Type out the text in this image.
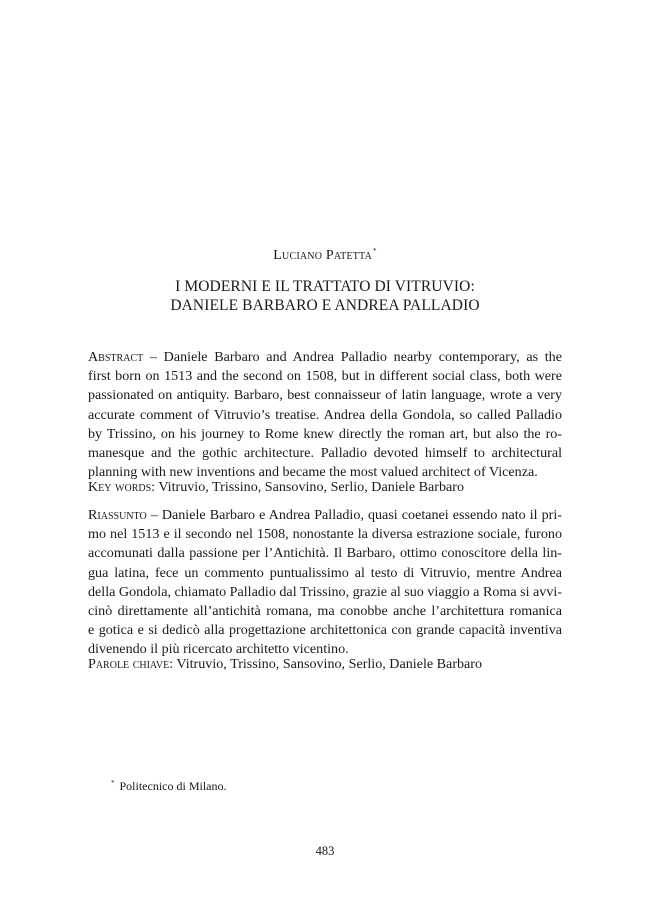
Luciano Patetta*
I MODERNI E IL TRATTATO DI VITRUVIO:
DANIELE BARBARO E ANDREA PALLADIO
Abstract – Daniele Barbaro and Andrea Palladio nearby contemporary, as the
first born on 1513 and the second on 1508, but in different social class, both were
passionated on antiquity. Barbaro, best connaisseur of latin language, wrote a very
accurate comment of Vitruvio’s treatise. Andrea della Gondola, so called Palladio
by Trissino, on his journey to Rome knew directly the roman art, but also the ro-
manesque and the gothic architecture. Palladio devoted himself to architectural
planning with new inventions and became the most valued architect of Vicenza.
Key words: Vitruvio, Trissino, Sansovino, Serlio, Daniele Barbaro
Riassunto – Daniele Barbaro e Andrea Palladio, quasi coetanei essendo nato il pri-
mo nel 1513 e il secondo nel 1508, nonostante la diversa estrazione sociale, furono
accomunati dalla passione per l’Antichità. Il Barbaro, ottimo conoscitore della lin-
gua latina, fece un commento puntualissimo al testo di Vitruvio, mentre Andrea
della Gondola, chiamato Palladio dal Trissino, grazie al suo viaggio a Roma si avvi-
cinò direttamente all’antichità romana, ma conobbe anche l’architettura romanica
e gotica e si dedicò alla progettazione architettonica con grande capacità inventiva
divenendo il più ricercato architetto vicentino.
Parole chiave: Vitruvio, Trissino, Sansovino, Serlio, Daniele Barbaro
* Politecnico di Milano.
483
